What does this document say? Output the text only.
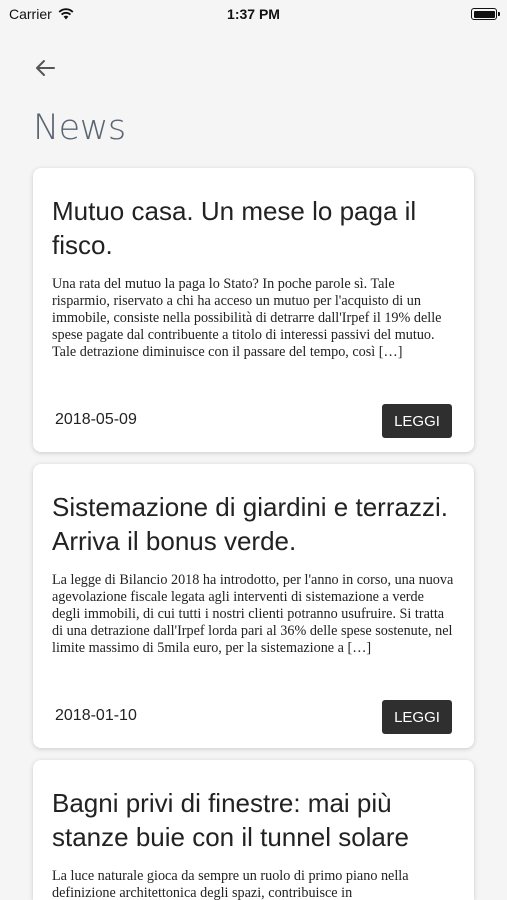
Carrier	1:37 PM
News
Mutuo casa. Un mese lo paga il fisco.

Una rata del mutuo la paga lo Stato? In poche parole sì. Tale risparmio, riservato a chi ha acceso un mutuo per l'acquisto di un immobile, consiste nella possibilità di detrarre dall'Irpef il 19% delle spese pagate dal contribuente a titolo di interessi passivi del mutuo. Tale detrazione diminuisce con il passare del tempo, così […]

2018-05-09	LEGGI
Sistemazione di giardini e terrazzi. Arriva il bonus verde.

La legge di Bilancio 2018 ha introdotto, per l'anno in corso, una nuova agevolazione fiscale legata agli interventi di sistemazione a verde degli immobili, di cui tutti i nostri clienti potranno usufruire. Si tratta di una detrazione dall'Irpef lorda pari al 36% delle spese sostenute, nel limite massimo di 5mila euro, per la sistemazione a […]

2018-01-10	LEGGI
Bagni privi di finestre: mai più stanze buie con il tunnel solare

La luce naturale gioca da sempre un ruolo di primo piano nella definizione architettonica degli spazi, contribuisce in
